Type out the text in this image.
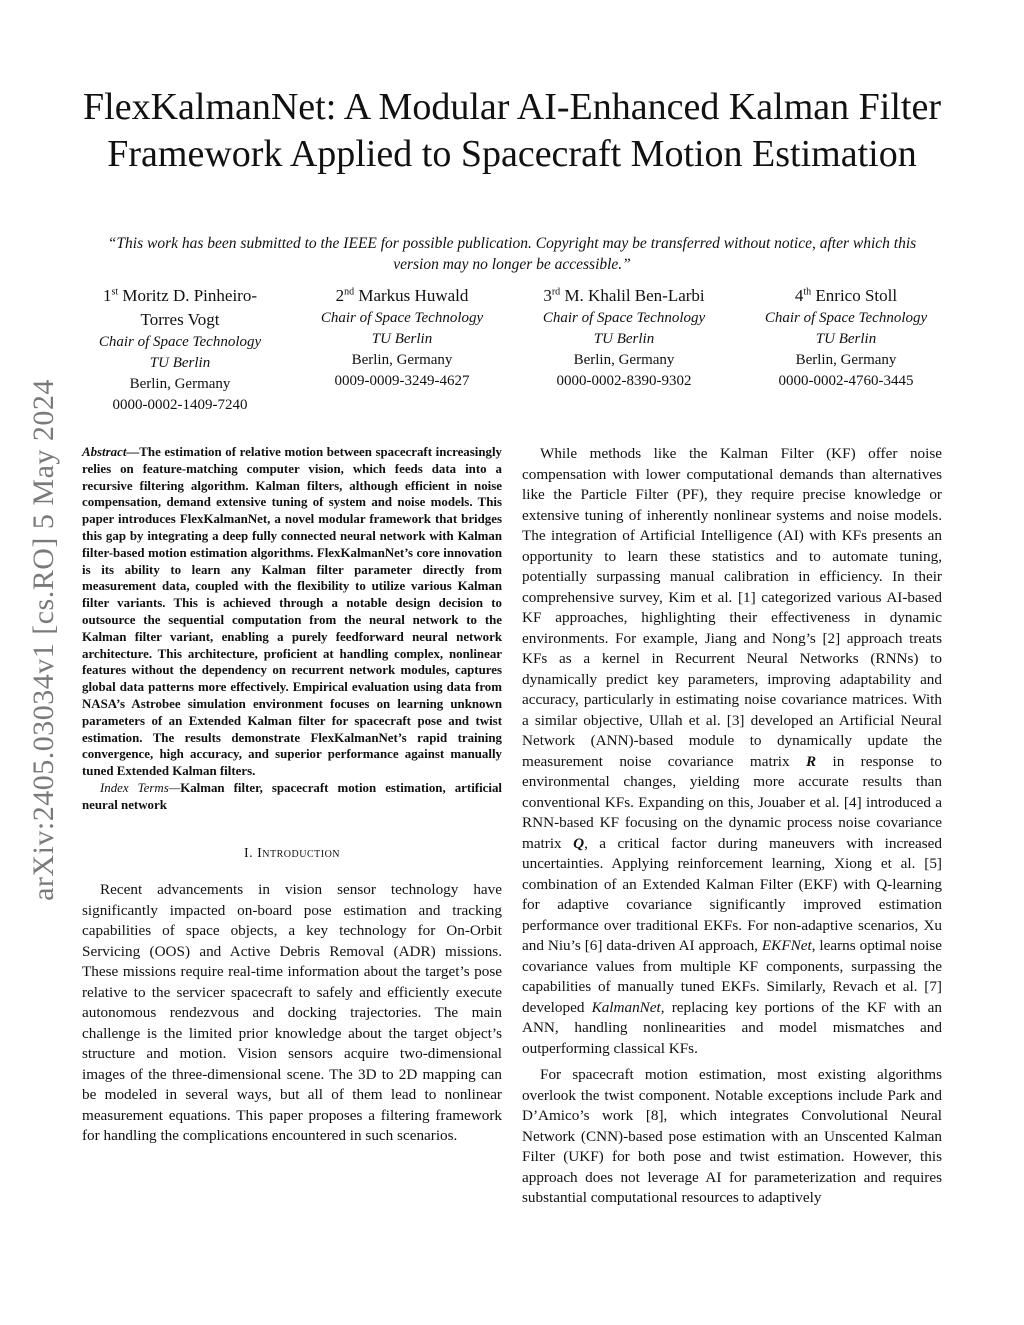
arXiv:2405.03034v1 [cs.RO] 5 May 2024
FlexKalmanNet: A Modular AI-Enhanced Kalman Filter Framework Applied to Spacecraft Motion Estimation
“This work has been submitted to the IEEE for possible publication. Copyright may be transferred without notice, after which this version may no longer be accessible.”
1st Moritz D. Pinheiro-Torres Vogt
Chair of Space Technology
TU Berlin
Berlin, Germany
0000-0002-1409-7240
2nd Markus Huwald
Chair of Space Technology
TU Berlin
Berlin, Germany
0009-0009-3249-4627
3rd M. Khalil Ben-Larbi
Chair of Space Technology
TU Berlin
Berlin, Germany
0000-0002-8390-9302
4th Enrico Stoll
Chair of Space Technology
TU Berlin
Berlin, Germany
0000-0002-4760-3445

Abstract—The estimation of relative motion between spacecraft increasingly relies on feature-matching computer vision, which feeds data into a recursive filtering algorithm. Kalman filters, although efficient in noise compensation, demand extensive tuning of system and noise models. This paper introduces FlexKalmanNet, a novel modular framework that bridges this gap by integrating a deep fully connected neural network with Kalman filter-based motion estimation algorithms. FlexKalmanNet’s core innovation is its ability to learn any Kalman filter parameter directly from measurement data, coupled with the flexibility to utilize various Kalman filter variants. This is achieved through a notable design decision to outsource the sequential computation from the neural network to the Kalman filter variant, enabling a purely feedforward neural network architecture. This architecture, proficient at handling complex, nonlinear features without the dependency on recurrent network modules, captures global data patterns more effectively. Empirical evaluation using data from NASA’s Astrobee simulation environment focuses on learning unknown parameters of an Extended Kalman filter for spacecraft pose and twist estimation. The results demonstrate FlexKalmanNet’s rapid training convergence, high accuracy, and superior performance against manually tuned Extended Kalman filters.

Index Terms—Kalman filter, spacecraft motion estimation, artificial neural network

I. Introduction

Recent advancements in vision sensor technology have significantly impacted on-board pose estimation and tracking capabilities of space objects, a key technology for On-Orbit Servicing (OOS) and Active Debris Removal (ADR) missions. These missions require real-time information about the target’s pose relative to the servicer spacecraft to safely and efficiently execute autonomous rendezvous and docking trajectories. The main challenge is the limited prior knowledge about the target object’s structure and motion. Vision sensors acquire two-dimensional images of the three-dimensional scene. The 3D to 2D mapping can be modeled in several ways, but all of them lead to nonlinear measurement equations. This paper proposes a filtering framework for handling the complications encountered in such scenarios.

While methods like the Kalman Filter (KF) offer noise compensation with lower computational demands than alternatives like the Particle Filter (PF), they require precise knowledge or extensive tuning of inherently nonlinear systems and noise models. The integration of Artificial Intelligence (AI) with KFs presents an opportunity to learn these statistics and to automate tuning, potentially surpassing manual calibration in efficiency. In their comprehensive survey, Kim et al. [1] categorized various AI-based KF approaches, highlighting their effectiveness in dynamic environments. For example, Jiang and Nong’s [2] approach treats KFs as a kernel in Recurrent Neural Networks (RNNs) to dynamically predict key parameters, improving adaptability and accuracy, particularly in estimating noise covariance matrices. With a similar objective, Ullah et al. [3] developed an Artificial Neural Network (ANN)-based module to dynamically update the measurement noise covariance matrix R in response to environmental changes, yielding more accurate results than conventional KFs. Expanding on this, Jouaber et al. [4] introduced a RNN-based KF focusing on the dynamic process noise covariance matrix Q, a critical factor during maneuvers with increased uncertainties. Applying reinforcement learning, Xiong et al. [5] combination of an Extended Kalman Filter (EKF) with Q-learning for adaptive covariance significantly improved estimation performance over traditional EKFs. For non-adaptive scenarios, Xu and Niu’s [6] data-driven AI approach, EKFNet, learns optimal noise covariance values from multiple KF components, surpassing the capabilities of manually tuned EKFs. Similarly, Revach et al. [7] developed KalmanNet, replacing key portions of the KF with an ANN, handling nonlinearities and model mismatches and outperforming classical KFs.

For spacecraft motion estimation, most existing algorithms overlook the twist component. Notable exceptions include Park and D’Amico’s work [8], which integrates Convolutional Neural Network (CNN)-based pose estimation with an Unscented Kalman Filter (UKF) for both pose and twist estimation. However, this approach does not leverage AI for parameterization and requires substantial computational resources to adaptively
